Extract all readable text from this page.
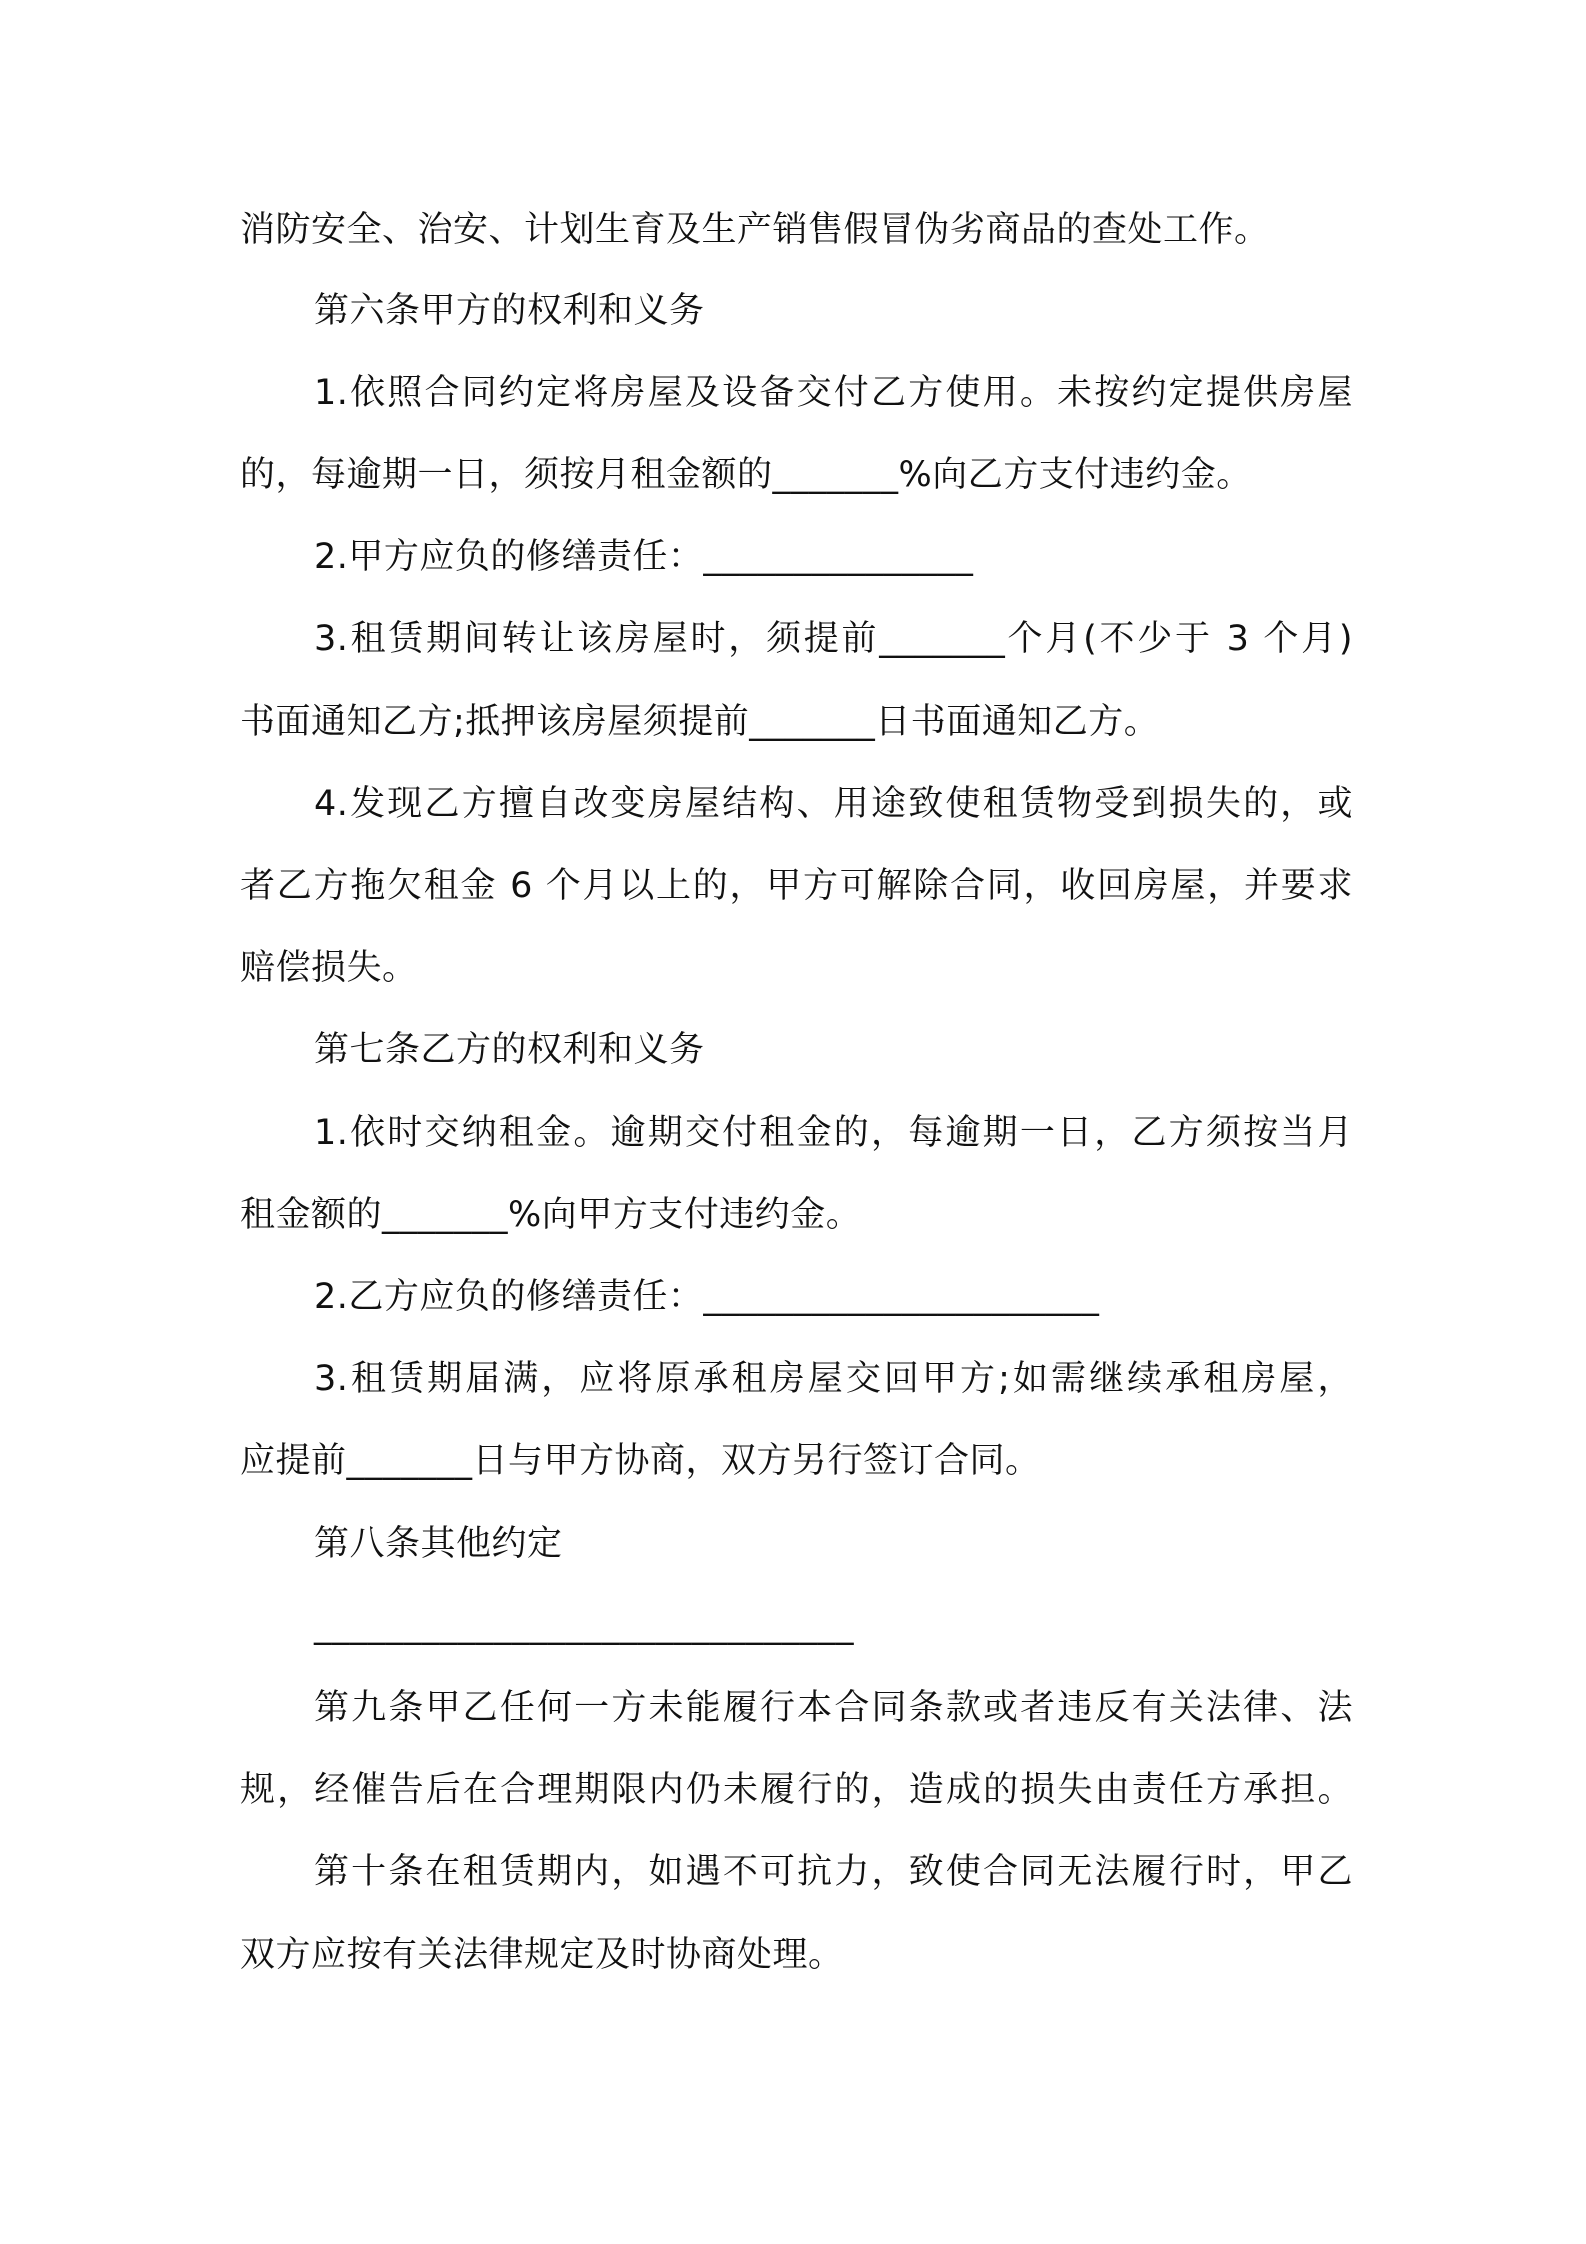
消防安全、治安、计划生育及生产销售假冒伪劣商品的查处工作。
第六条甲方的权利和义务
1.依照合同约定将房屋及设备交付乙方使用。未按约定提供房屋
的，每逾期一日，须按月租金额的_______%向乙方支付违约金。
2.甲方应负的修缮责任：_______________
3.租赁期间转让该房屋时，须提前_______个月(不少于 3 个月)
书面通知乙方;抵押该房屋须提前_______日书面通知乙方。
4.发现乙方擅自改变房屋结构、用途致使租赁物受到损失的，或
者乙方拖欠租金 6 个月以上的，甲方可解除合同，收回房屋，并要求
赔偿损失。
第七条乙方的权利和义务
1.依时交纳租金。逾期交付租金的，每逾期一日，乙方须按当月
租金额的_______%向甲方支付违约金。
2.乙方应负的修缮责任：______________________
3.租赁期届满，应将原承租房屋交回甲方;如需继续承租房屋，
应提前_______日与甲方协商，双方另行签订合同。
第八条其他约定
______________________________
第九条甲乙任何一方未能履行本合同条款或者违反有关法律、法
规，经催告后在合理期限内仍未履行的，造成的损失由责任方承担。
第十条在租赁期内，如遇不可抗力，致使合同无法履行时，甲乙
双方应按有关法律规定及时协商处理。
